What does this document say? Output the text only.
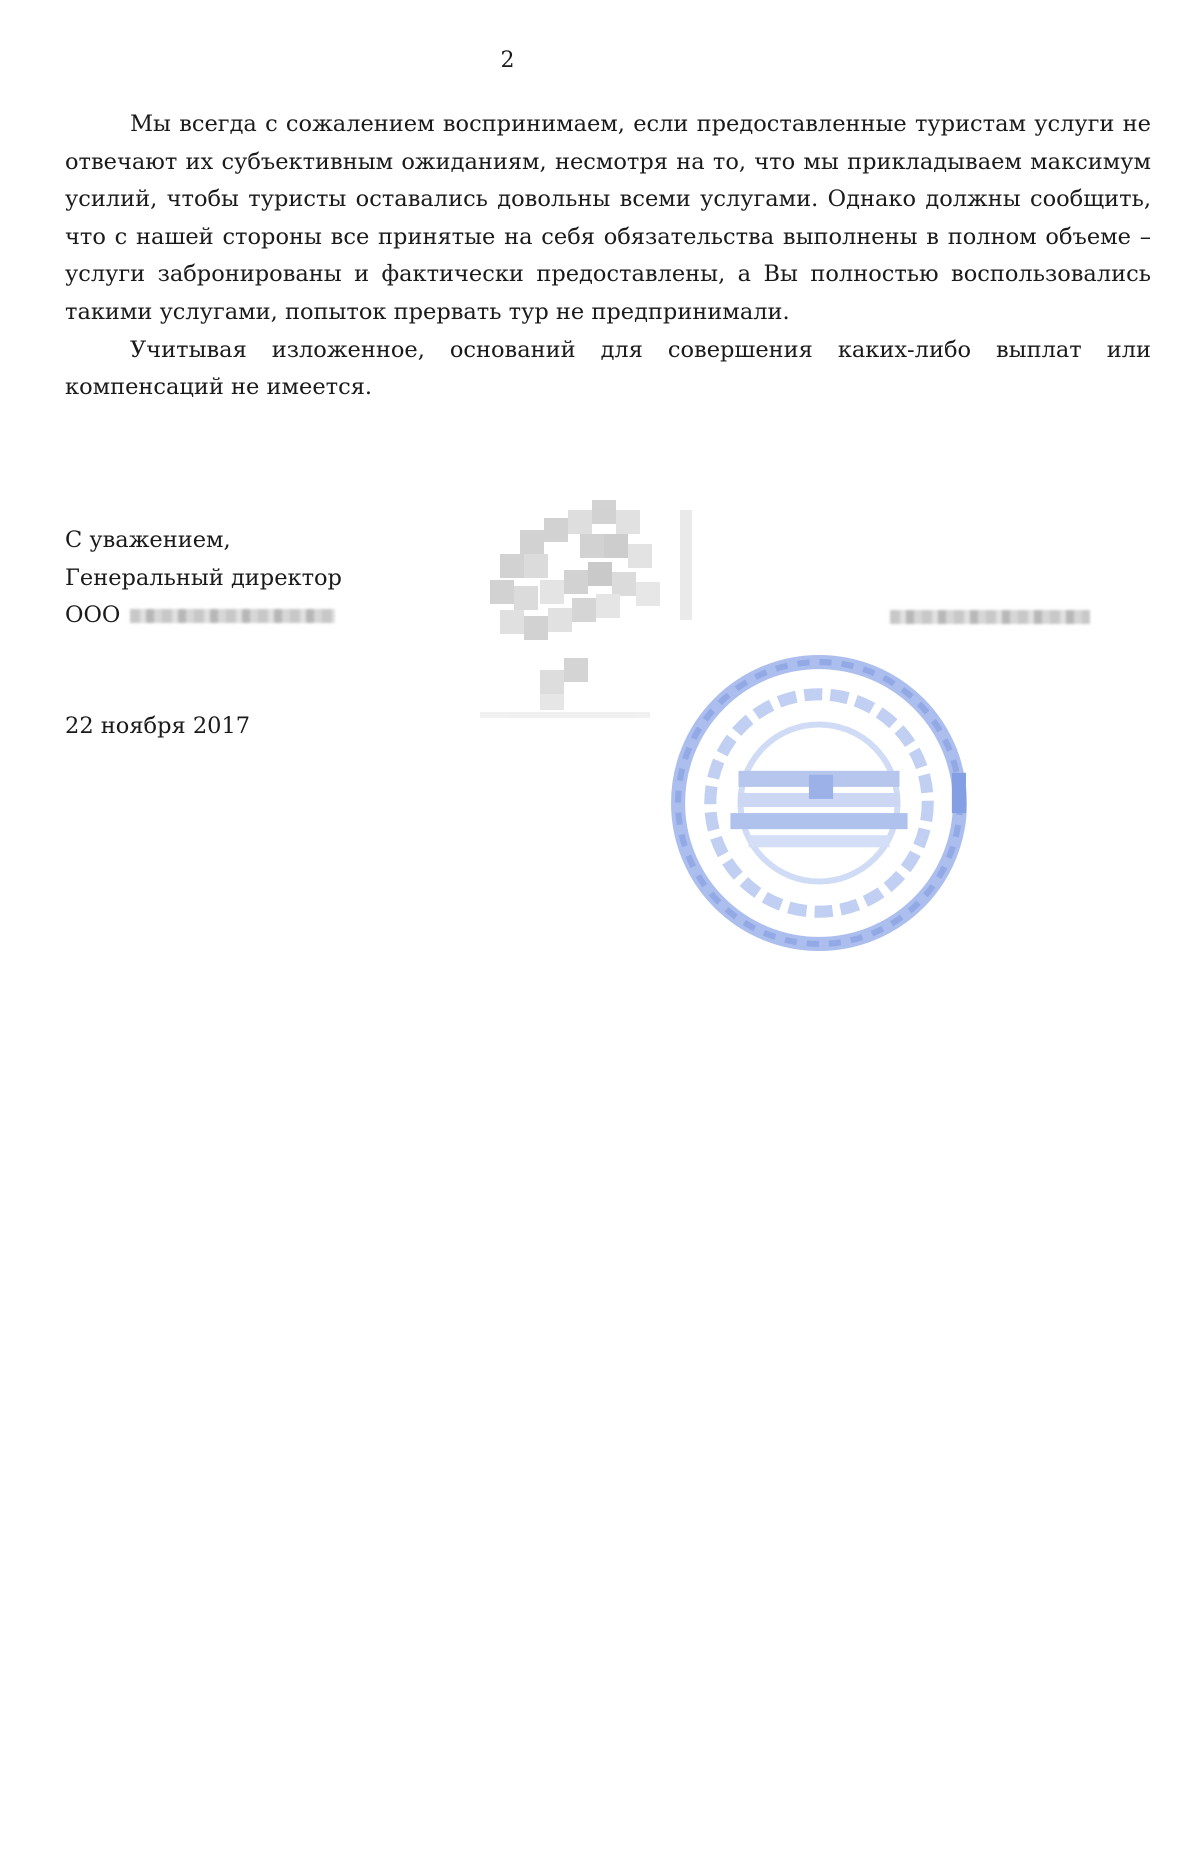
2

Мы всегда с сожалением воспринимаем, если предоставленные туристам услуги не отвечают их субъективным ожиданиям, несмотря на то, что мы прикладываем максимум усилий, чтобы туристы оставались довольны всеми услугами. Однако должны сообщить, что с нашей стороны все принятые на себя обязательства выполнены в полном объеме – услуги забронированы и фактически предоставлены, а Вы полностью воспользовались такими услугами, попыток прервать тур не предпринимали.

Учитывая изложенное, оснований для совершения каких-либо выплат или компенсаций не имеется.

С уважением,
Генеральный директор
ООО
22 ноября 2017
